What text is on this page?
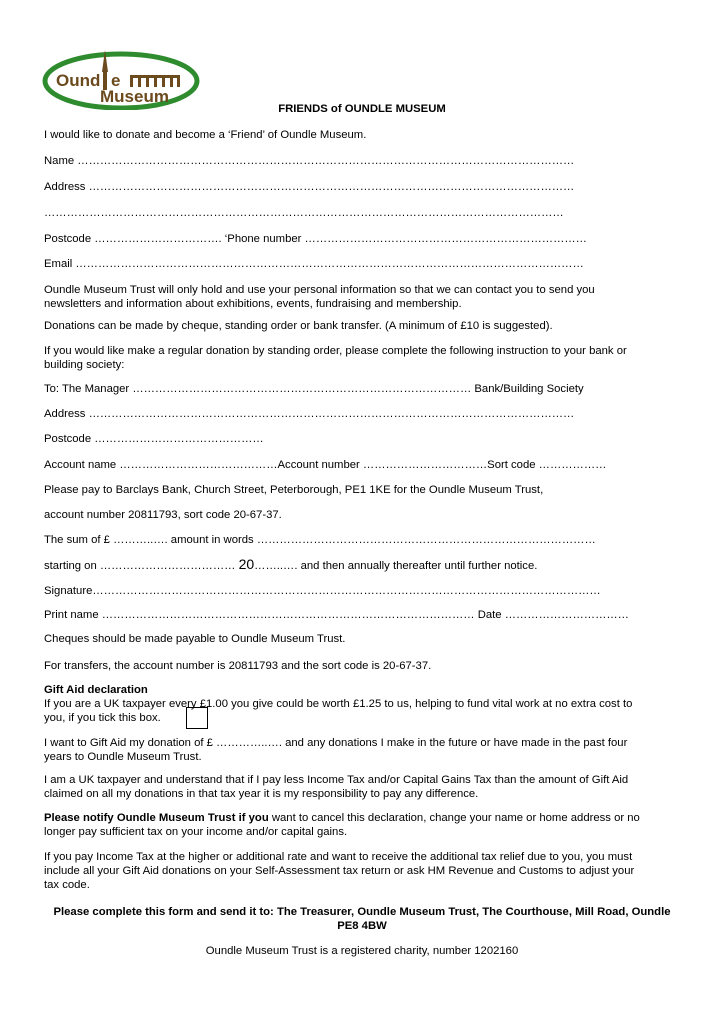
Ound e
Museum
FRIENDS of OUNDLE MUSEUM
I would like to donate and become a ‘Friend’ of Oundle Museum.
Name ……………………………………………………………………………………………………………………
Address …………………………………………………………………………………………………………………
…………………………………………………………………………………………………………………………
Postcode ……………………………. ‘Phone number …………………………………………………………………
Email ………………………………………………………………………………………………………………………
Oundle Museum Trust will only hold and use your personal information so that we can contact you to send you newsletters and information about exhibitions, events, fundraising and membership.
Donations can be made by cheque, standing order or bank transfer. (A minimum of £10 is suggested).
If you would like make a regular donation by standing order, please complete the following instruction to your bank or building society:
To: The Manager ……………………………………………………………………………… Bank/Building Society
Address …………………………………………………………………………………………………………………
Postcode ………………………………………
Account name ……………………………………Account number ……………………………Sort code ………………
Please pay to Barclays Bank, Church Street, Peterborough, PE1 1KE for the Oundle Museum Trust,
account number 20811793, sort code 20-67-37.
The sum of £ ………..…. amount in words ………………………………………………………………………………
starting on ……………………………… 20……..…. and then annually thereafter until further notice.
Signature………………………………………………………………………………………………………………………
Print name ……………………………………………………………………………………… Date ……………………………
Cheques should be made payable to Oundle Museum Trust.
For transfers, the account number is 20811793 and the sort code is 20-67-37.
Gift Aid declaration
If you are a UK taxpayer every £1.00 you give could be worth £1.25 to us, helping to fund vital work at no extra cost to
you, if you tick this box.
I want to Gift Aid my donation of £ …………..…. and any donations I make in the future or have made in the past four years to Oundle Museum Trust.
I am a UK taxpayer and understand that if I pay less Income Tax and/or Capital Gains Tax than the amount of Gift Aid claimed on all my donations in that tax year it is my responsibility to pay any difference.
Please notify Oundle Museum Trust if you want to cancel this declaration, change your name or home address or no longer pay sufficient tax on your income and/or capital gains.
If you pay Income Tax at the higher or additional rate and want to receive the additional tax relief due to you, you must include all your Gift Aid donations on your Self-Assessment tax return or ask HM Revenue and Customs to adjust your tax code.
Please complete this form and send it to: The Treasurer, Oundle Museum Trust, The Courthouse, Mill Road, Oundle PE8 4BW
Oundle Museum Trust is a registered charity, number 1202160
